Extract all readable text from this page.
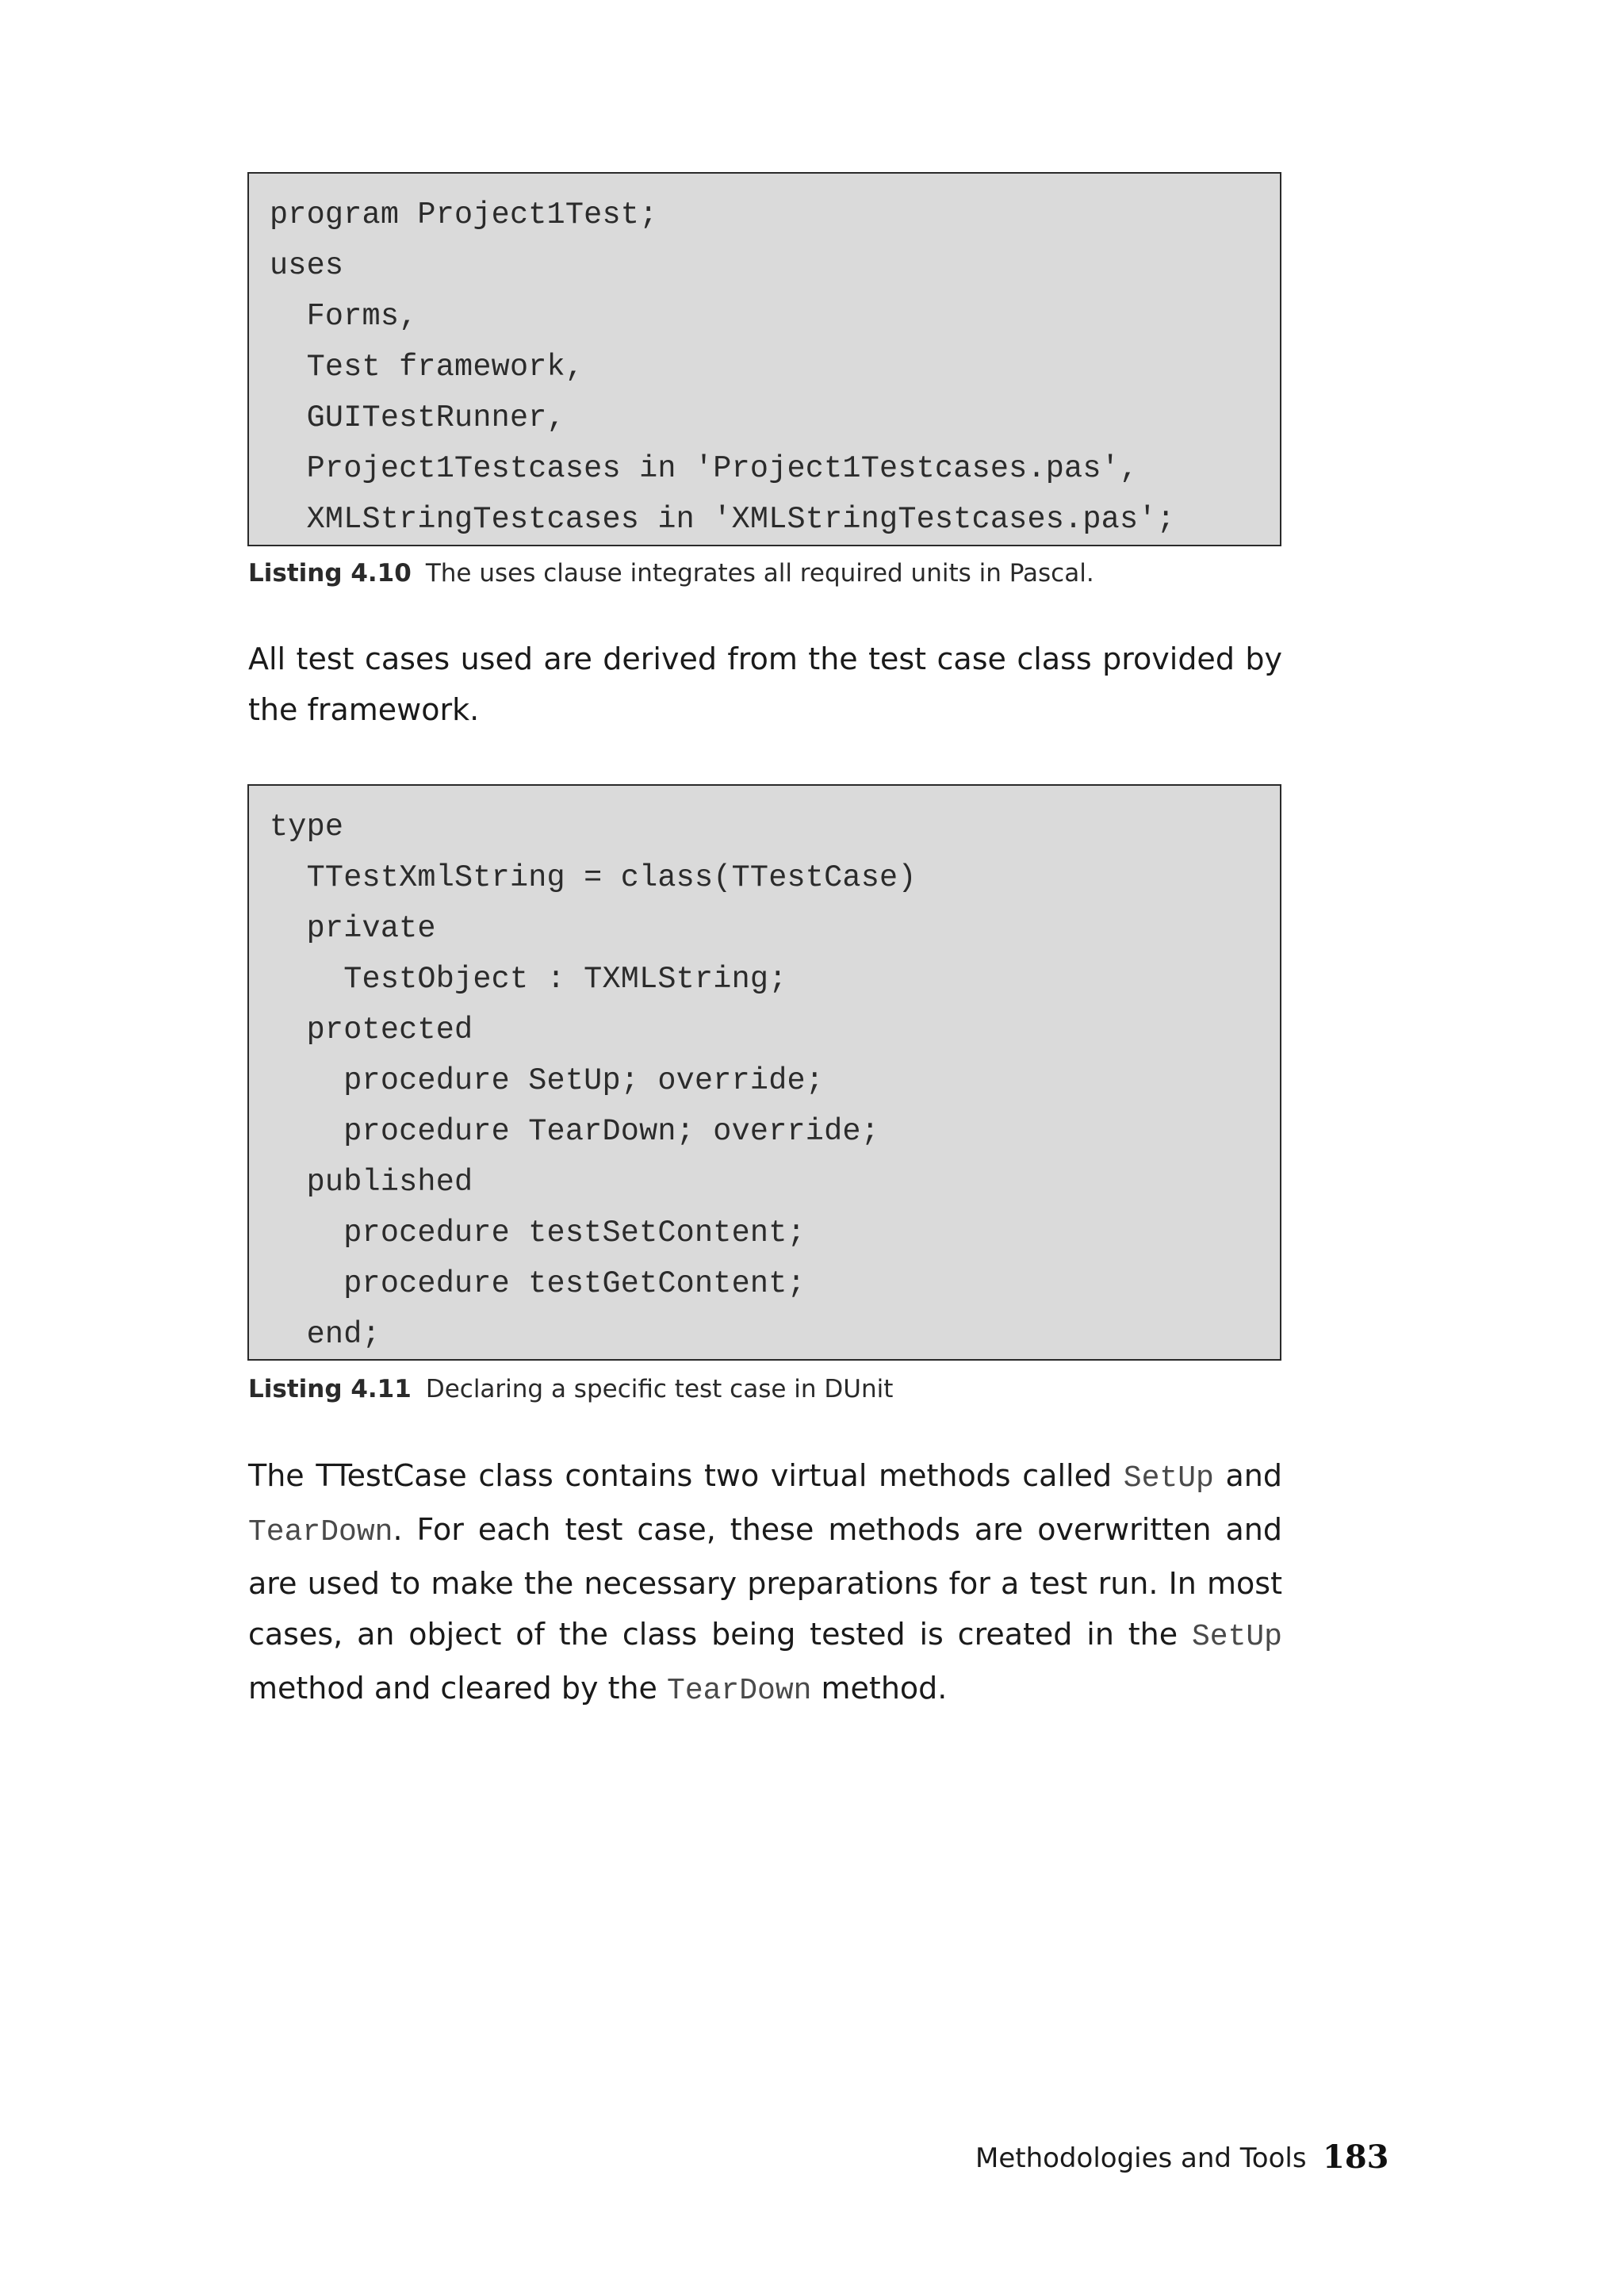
program Project1Test;
uses
Forms,
Test framework,
GUITestRunner,
Project1Testcases in 'Project1Testcases.pas',
XMLStringTestcases in 'XMLStringTestcases.pas';
Listing 4.10 The uses clause integrates all required units in Pascal.

All test cases used are derived from the test case class provided by the framework.

type
TTestXmlString = class(TTestCase)
private
TestObject : TXMLString;
protected
procedure SetUp; override;
procedure TearDown; override;
published
procedure testSetContent;
procedure testGetContent;
end;
Listing 4.11 Declaring a specific test case in DUnit

The TTestCase class contains two virtual methods called SetUp and TearDown. For each test case, these methods are overwritten and are used to make the necessary preparations for a test run. In most cases, an object of the class being tested is created in the SetUp method and cleared by the TearDown method.

Methodologies and Tools 183
